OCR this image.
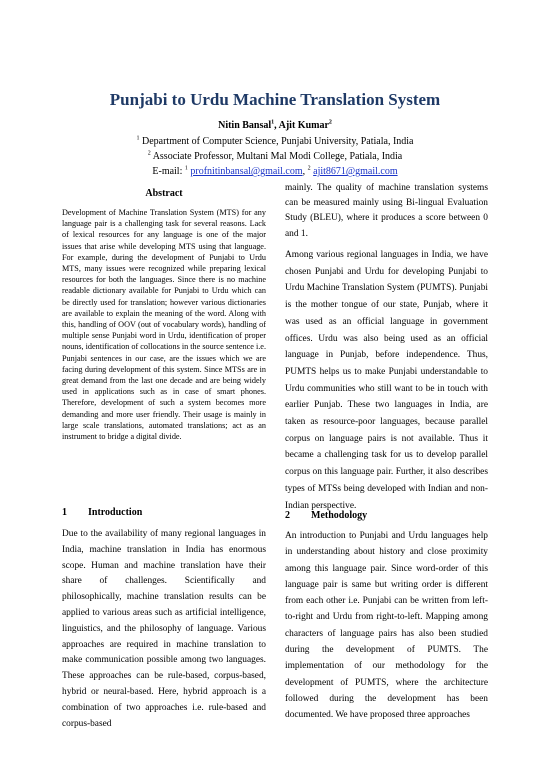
Punjabi to Urdu Machine Translation System
Nitin Bansal$^1$, Ajit Kumar$^2$
$^1$ Department of Computer Science, Punjabi University, Patiala, India
$^2$ Associate Professor, Multani Mal Modi College, Patiala, India
E-mail: $^1$ profnitinbansal@gmail.com, $^2$ ajit8671@gmail.com
Abstract

Development of Machine Translation System (MTS) for any language pair is a challenging task for several reasons. Lack of lexical resources for any language is one of the major issues that arise while developing MTS using that language. For example, during the development of Punjabi to Urdu MTS, many issues were recognized while preparing lexical resources for both the languages. Since there is no machine readable dictionary available for Punjabi to Urdu which can be directly used for translation; however various dictionaries are available to explain the meaning of the word. Along with this, handling of OOV (out of vocabulary words), handling of multiple sense Punjabi word in Urdu, identification of proper nouns, identification of collocations in the source sentence i.e. Punjabi sentences in our case, are the issues which we are facing during development of this system. Since MTSs are in great demand from the last one decade and are being widely used in applications such as in case of smart phones. Therefore, development of such a system becomes more demanding and more user friendly. Their usage is mainly in large scale translations, automated translations; act as an instrument to bridge a digital divide.

1 Introduction

Due to the availability of many regional languages in India, machine translation in India has enormous scope. Human and machine translation have their share of challenges. Scientifically and philosophically, machine translation results can be applied to various areas such as artificial intelligence, linguistics, and the philosophy of language. Various approaches are required in machine translation to make communication possible among two languages. These approaches can be rule-based, corpus-based, hybrid or neural-based. Here, hybrid approach is a combination of two approaches i.e. rule-based and corpus-based

mainly. The quality of machine translation systems can be measured mainly using Bi-lingual Evaluation Study (BLEU), where it produces a score between 0 and 1.

Among various regional languages in India, we have chosen Punjabi and Urdu for developing Punjabi to Urdu Machine Translation System (PUMTS). Punjabi is the mother tongue of our state, Punjab, where it was used as an official language in government offices. Urdu was also being used as an official language in Punjab, before independence. Thus, PUMTS helps us to make Punjabi understandable to Urdu communities who still want to be in touch with earlier Punjab. These two languages in India, are taken as resource-poor languages, because parallel corpus on language pairs is not available. Thus it became a challenging task for us to develop parallel corpus on this language pair. Further, it also describes types of MTSs being developed with Indian and non-Indian perspective.

2 Methodology

An introduction to Punjabi and Urdu languages help in understanding about history and close proximity among this language pair. Since word-order of this language pair is same but writing order is different from each other i.e. Punjabi can be written from left-to-right and Urdu from right-to-left. Mapping among characters of language pairs has also been studied during the development of PUMTS. The implementation of our methodology for the development of PUMTS, where the architecture followed during the development has been documented. We have proposed three approaches
